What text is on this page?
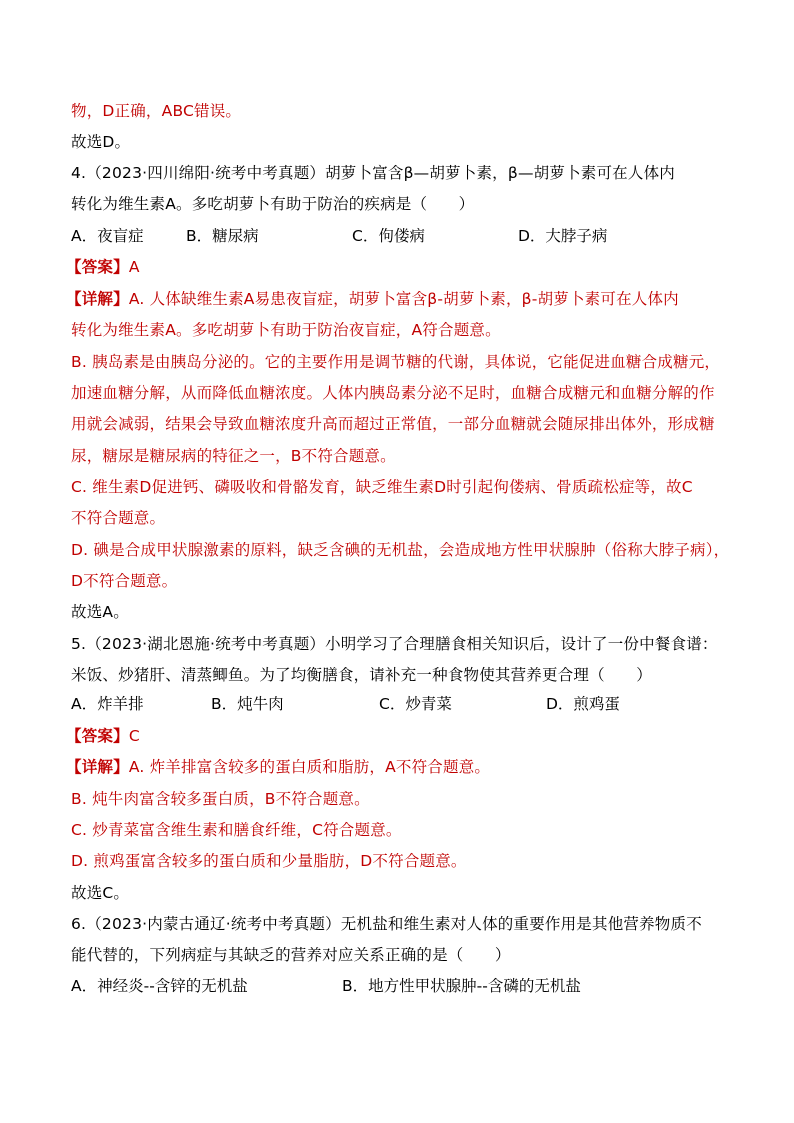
物，D正确，ABC错误。
故选D。
4.（2023·四川绵阳·统考中考真题）胡萝卜富含β—胡萝卜素，β—胡萝卜素可在人体内
转化为维生素A。多吃胡萝卜有助于防治的疾病是（　　）
A．夜盲症	B．糖尿病	C．佝偻病	D．大脖子病
【答案】A
【详解】A. 人体缺维生素A易患夜盲症，胡萝卜富含β-胡萝卜素，β-胡萝卜素可在人体内
转化为维生素A。多吃胡萝卜有助于防治夜盲症，A符合题意。
B. 胰岛素是由胰岛分泌的。它的主要作用是调节糖的代谢，具体说，它能促进血糖合成糖元，
加速血糖分解，从而降低血糖浓度。人体内胰岛素分泌不足时，血糖合成糖元和血糖分解的作
用就会减弱，结果会导致血糖浓度升高而超过正常值，一部分血糖就会随尿排出体外，形成糖
尿，糖尿是糖尿病的特征之一，B不符合题意。
C. 维生素D促进钙、磷吸收和骨骼发育，缺乏维生素D时引起佝偻病、骨质疏松症等，故C
不符合题意。
D. 碘是合成甲状腺激素的原料，缺乏含碘的无机盐，会造成地方性甲状腺肿（俗称大脖子病），
D不符合题意。
故选A。
5.（2023·湖北恩施·统考中考真题）小明学习了合理膳食相关知识后，设计了一份中餐食谱：
米饭、炒猪肝、清蒸鲫鱼。为了均衡膳食，请补充一种食物使其营养更合理（　　）
A．炸羊排	B．炖牛肉	C．炒青菜	D．煎鸡蛋
【答案】C
【详解】A. 炸羊排富含较多的蛋白质和脂肪，A不符合题意。
B. 炖牛肉富含较多蛋白质，B不符合题意。
C. 炒青菜富含维生素和膳食纤维，C符合题意。
D. 煎鸡蛋富含较多的蛋白质和少量脂肪，D不符合题意。
故选C。
6.（2023·内蒙古通辽·统考中考真题）无机盐和维生素对人体的重要作用是其他营养物质不
能代替的，下列病症与其缺乏的营养对应关系正确的是（　　）
A．神经炎--含锌的无机盐	B．地方性甲状腺肿--含磷的无机盐
